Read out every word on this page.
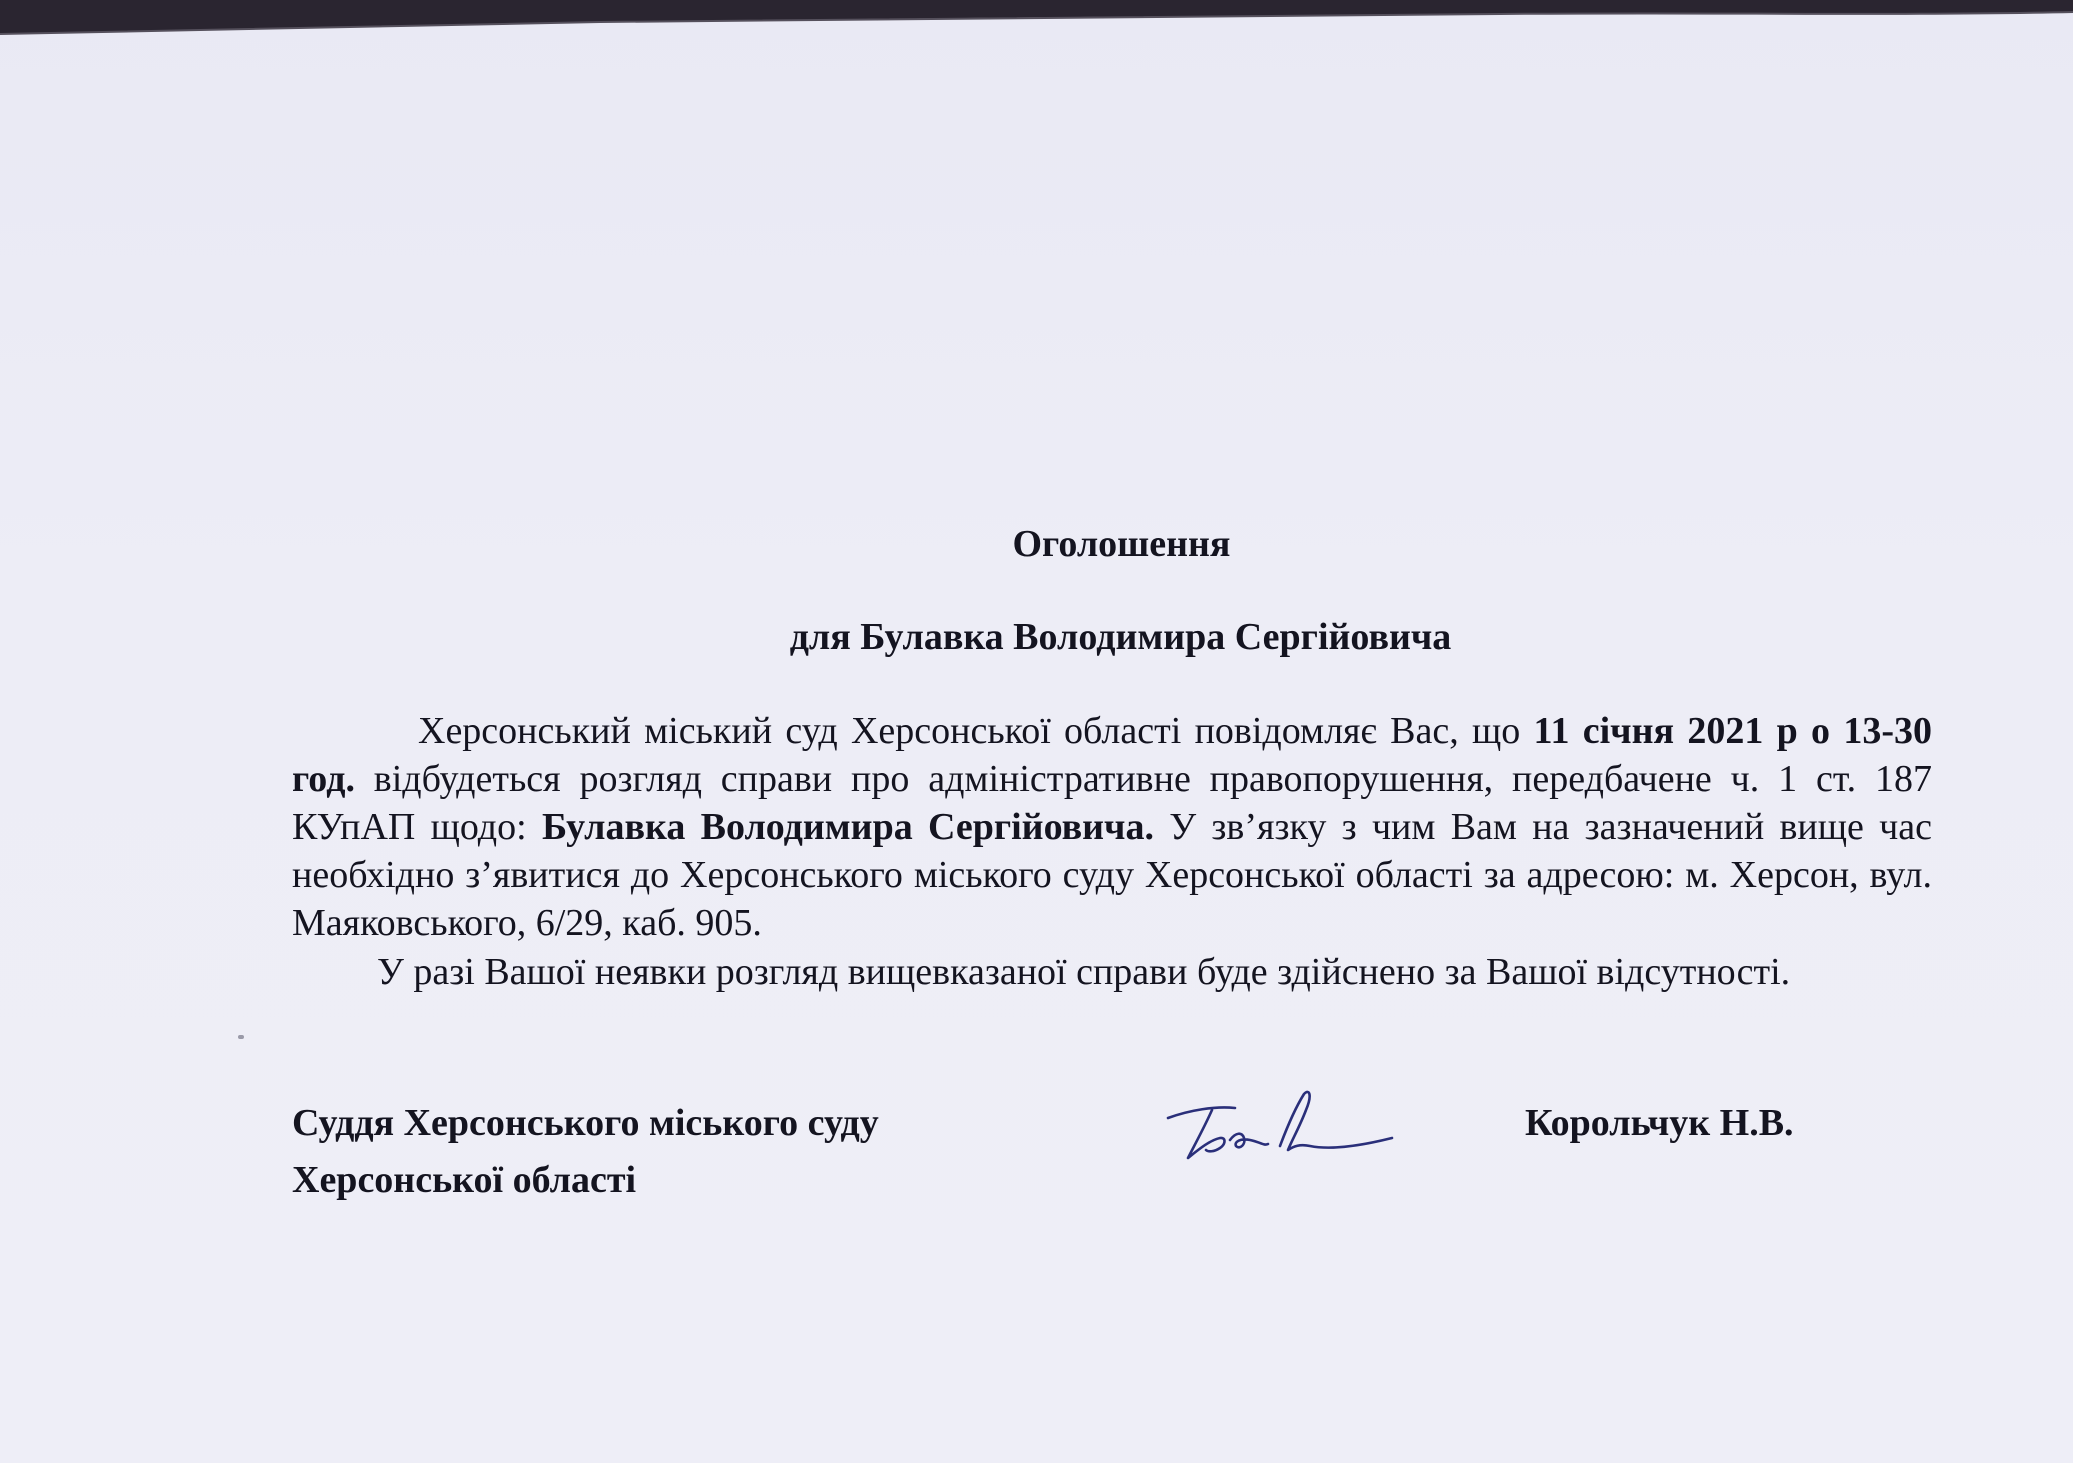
Оголошення
для Булавка Володимира Сергійовича

Херсонський міський суд Херсонської області повідомляє Вас, що 11 січня 2021 р о 13-30 год. відбудеться розгляд справи про адміністративне правопорушення, передбачене ч. 1 ст. 187 КУпАП щодо: Булавка Володимира Сергійовича. У зв’язку з чим Вам на зазначений вище час необхідно з’явитися до Херсонського міського суду Херсонської області за адресою: м. Херсон, вул. Маяковського, 6/29, каб. 905.

У разі Вашої неявки розгляд вищевказаної справи буде здійснено за Вашої відсутності.

Суддя Херсонського міського суду
Херсонської області
Корольчук Н.В.
